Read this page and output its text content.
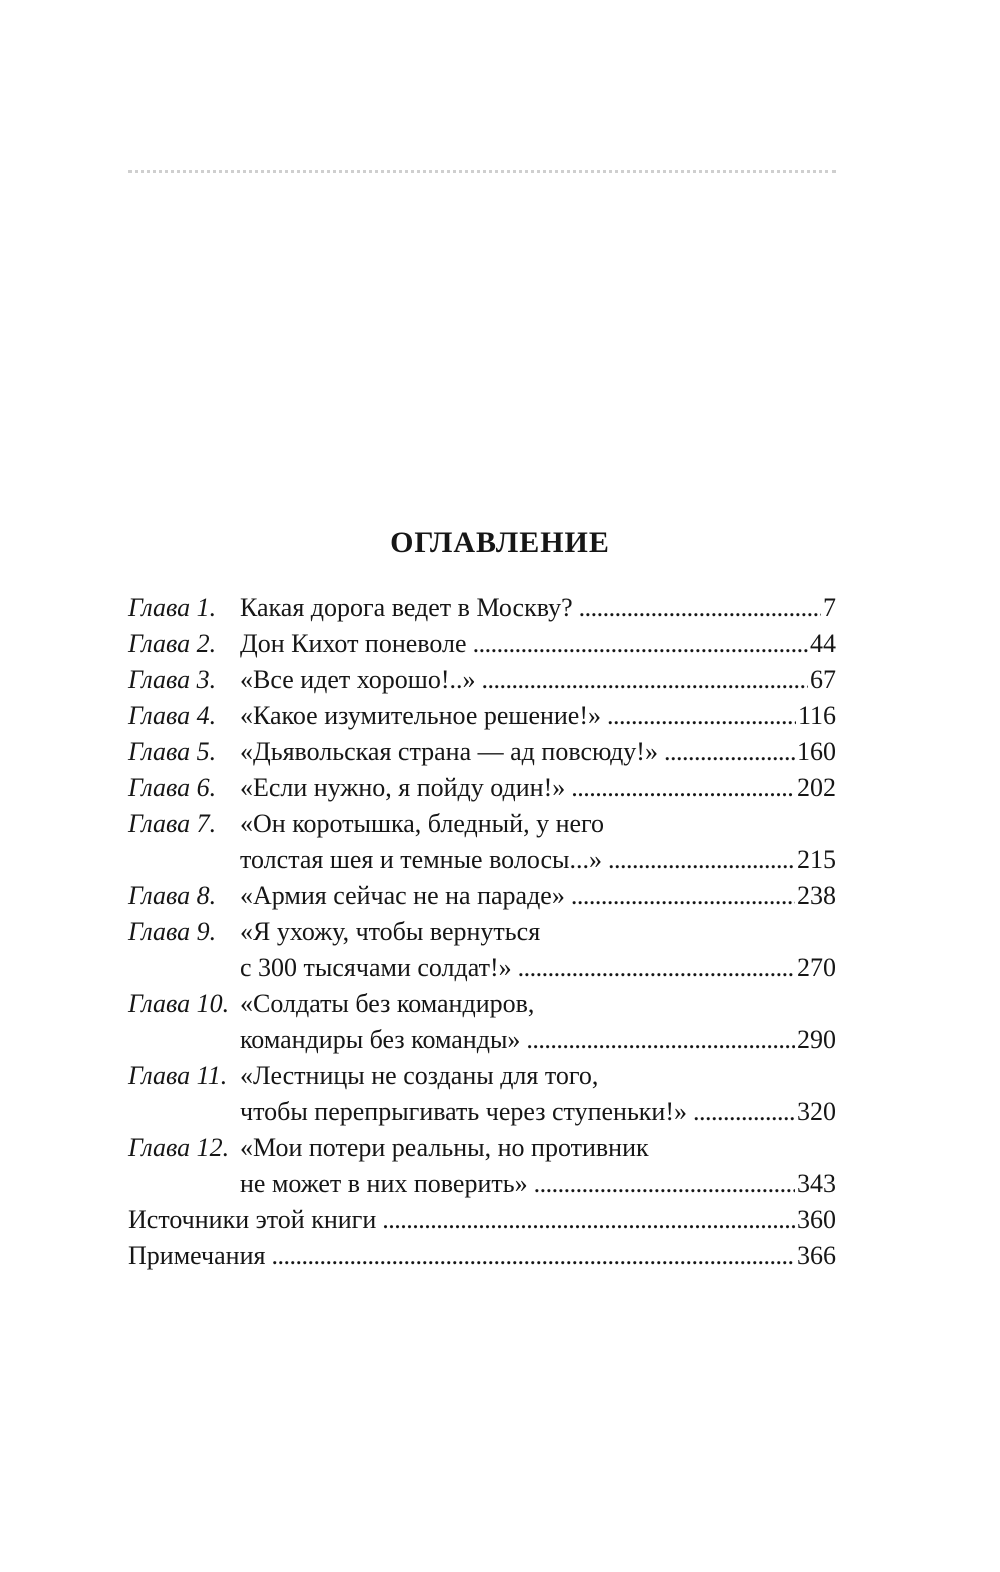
ОГЛАВЛЕНИЕ
Глава 1. Какая дорога ведет в Москву? . . .	7
Глава 2. Дон Кихот поневоле . . .	44
Глава 3. «Все идет хорошо!..» . . .	67
Глава 4. «Какое изумительное решение!» . . .	116
Глава 5. «Дьявольская страна — ад повсюду!» . . .	160
Глава 6. «Если нужно, я пойду один!» . . .	202
Глава 7. «Он коротышка, бледный, у него
толстая шея и темные волосы...» . . .	215
Глава 8. «Армия сейчас не на параде» . . .	238
Глава 9. «Я ухожу, чтобы вернуться
с 300 тысячами солдат!» . . .	270
Глава 10. «Солдаты без командиров,
командиры без команды» . . .	290
Глава 11. «Лестницы не созданы для того,
чтобы перепрыгивать через ступеньки!» . . .	320
Глава 12. «Мои потери реальны, но противник
не может в них поверить» . . .	343
Источники этой книги . . .	360
Примечания . . .	366
